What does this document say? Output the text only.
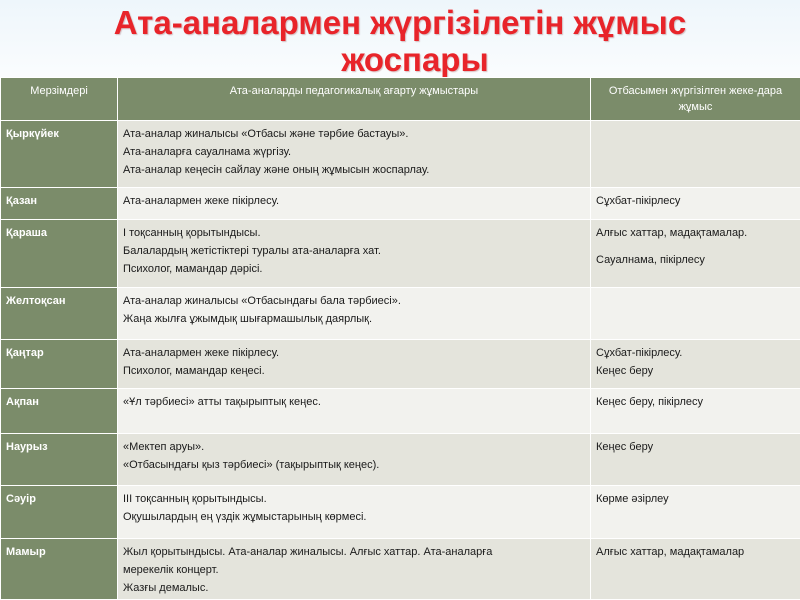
Ата-аналармен жүргізілетін жұмыс
жоспары
Мерзімдері	Ата-аналарды педагогикалық ағарту жұмыстары	Отбасымен жүргізілген жеке-дара жұмыс
Қыркүйек	Ата-аналар жиналысы «Отбасы және тәрбие бастауы».
Ата-аналарға сауалнама жүргізу.
Ата-аналар кеңесін сайлау және оның жұмысын жоспарлау.	

Қазан	Ата-аналармен жеке пікірлесу.	Сұхбат-пікірлесу

Қараша	І тоқсанның қорытындысы.
Балалардың жетістіктері туралы ата-аналарға хат.
Психолог, мамандар дәрісі.	Алғыс хаттар, мадақтамалар.
Сауалнама, пікірлесу

Желтоқсан	Ата-аналар жиналысы «Отбасындағы бала тәрбиесі».
Жаңа жылға ұжымдық шығармашылық даярлық.	

Қаңтар	Ата-аналармен жеке пікірлесу.
Психолог, мамандар кеңесі.	Сұхбат-пікірлесу.
Кеңес беру

Ақпан	«Ұл тәрбиесі» атты тақырыптық кеңес.	Кеңес беру, пікірлесу

Наурыз	«Мектеп аруы».
«Отбасындағы қыз тәрбиесі» (тақырыптық кеңес).	Кеңес беру

Сәуір	ІІІ тоқсанның қорытындысы.
Оқушылардың ең үздік жұмыстарының көрмесі.	Көрме әзірлеу

Мамыр	Жыл қорытындысы. Ата-аналар жиналысы. Алғыс хаттар. Ата-аналарға
мерекелік концерт.
Жазғы демалыс.	Алғыс хаттар, мадақтамалар
